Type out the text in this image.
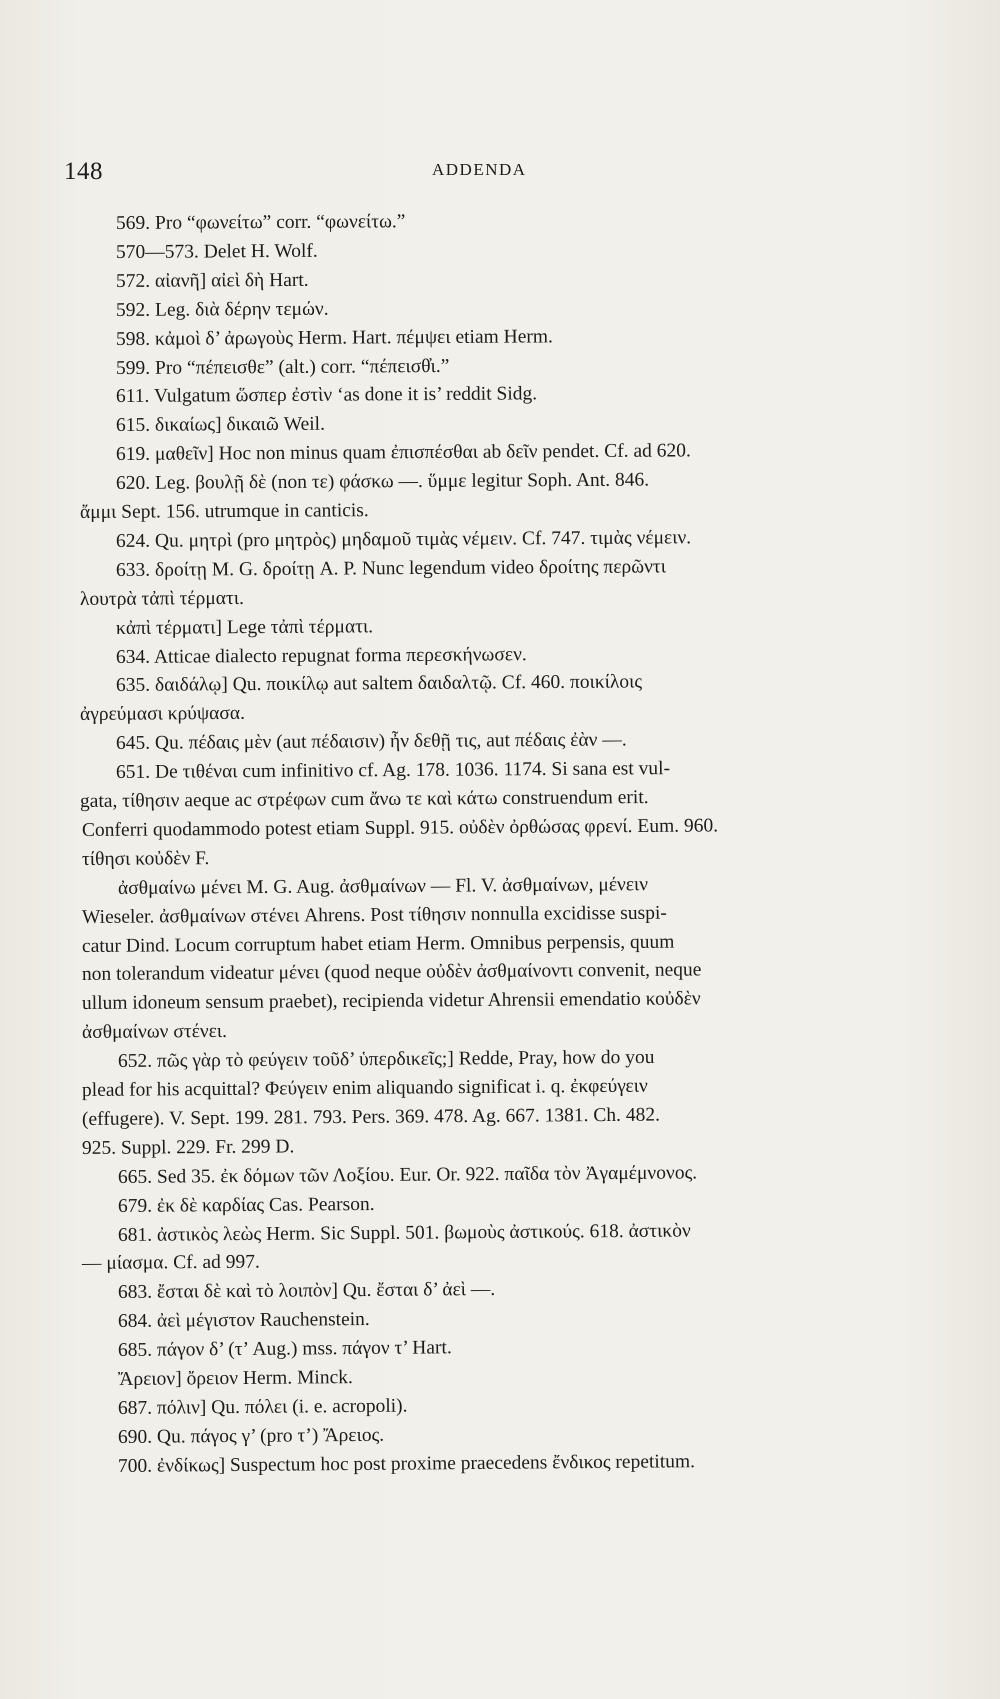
148	ADDENDA
569. Pro “φωνείτω” corr. “φωνείτω.”
570—573. Delet H. Wolf.
572. αἰανῆ] αἰεὶ δὴ Hart.
592. Leg. διὰ δέρην τεμών.
598. κἀμοὶ δ’ ἀρωγοὺς Herm. Hart. πέμψει etiam Herm.
599. Pro “πέπεισθε” (alt.) corr. “πέπεισθ̓ι.”
611. Vulgatum ὥσπερ ἐστὶν ‘as done it is’ reddit Sidg.
615. δικαίως] δικαιῶ Weil.
619. μαθεῖν] Hoc non minus quam ἐπισπέσθαι ab δεῖν pendet. Cf. ad 620.
620. Leg. βουλῇ δὲ (non τε) φάσκω —. ὕμμε legitur Soph. Ant. 846.
ἄμμι Sept. 156. utrumque in canticis.
624. Qu. μητρὶ (pro μητρὸς) μηδαμοῦ τιμὰς νέμειν. Cf. 747. τιμὰς νέμειν.
633. δροίτῃ M. G. δροίτῃ A. P. Nunc legendum video δροίτης περῶντι
λουτρὰ τἀπὶ τέρματι.
κἀπὶ τέρματι] Lege τἀπὶ τέρματι.
634. Atticae dialecto repugnat forma περεσκήνωσεν.
635. δαιδάλῳ] Qu. ποικίλῳ aut saltem δαιδαλτῷ. Cf. 460. ποικίλοις
ἀγρεύμασι κρύψασα.
645. Qu. πέδαις μὲν (aut πέδαισιν) ἦν δεθῇ τις, aut πέδαις ἐὰν —.
651. De τιθέναι cum infinitivo cf. Ag. 178. 1036. 1174. Si sana est vul-
gata, τίθησιν aeque ac στρέφων cum ἄνω τε καὶ κάτω construendum erit.
Conferri quodammodo potest etiam Suppl. 915. οὐδὲν ὀρθώσας φρενί. Eum. 960.
τίθησι κοὐδὲν F.
ἀσθμαίνω μένει M. G. Aug. ἀσθμαίνων — Fl. V. ἀσθμαίνων, μένειν
Wieseler. ἀσθμαίνων στένει Ahrens. Post τίθησιν nonnulla excidisse suspi-
catur Dind. Locum corruptum habet etiam Herm. Omnibus perpensis, quum
non tolerandum videatur μένει (quod neque οὐδὲν ἀσθμαίνοντι convenit, neque
ullum idoneum sensum praebet), recipienda videtur Ahrensii emendatio κοὐδὲν
ἀσθμαίνων στένει.
652. πῶς γὰρ τὸ φεύγειν τοῦδ’ ὑπερδικεῖς;] Redde, Pray, how do you
plead for his acquittal? Φεύγειν enim aliquando significat i. q. ἐκφεύγειν
(effugere). V. Sept. 199. 281. 793. Pers. 369. 478. Ag. 667. 1381. Ch. 482.
925. Suppl. 229. Fr. 299 D.
665. Sed 35. ἐκ δόμων τῶν Λοξίου. Eur. Or. 922. παῖδα τὸν Ἀγαμέμνονος.
679. ἐκ δὲ καρδίας Cas. Pearson.
681. ἀστικὸς λεὼς Herm. Sic Suppl. 501. βωμοὺς ἀστικούς. 618. ἀστικὸν
— μίασμα. Cf. ad 997.
683. ἔσται δὲ καὶ τὸ λοιπὸν] Qu. ἔσται δ’ ἀεὶ —.
684. ἀεὶ μέγιστον Rauchenstein.
685. πάγον δ’ (τ’ Aug.) mss. πάγον τ’ Hart.
Ἄρειον] ὄρειον Herm. Minck.
687. πόλιν] Qu. πόλει (i. e. acropoli).
690. Qu. πάγος γ’ (pro τ’) Ἄρειος.
700. ἐνδίκως] Suspectum hoc post proxime praecedens ἔνδικος repetitum.
